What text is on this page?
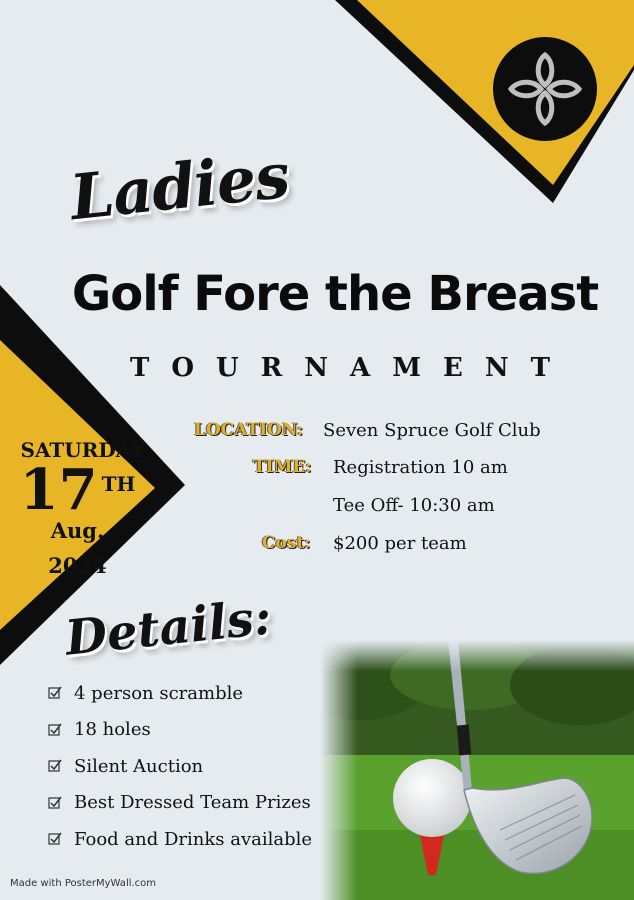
Ladies
Golf Fore the Breast
TOURNAMENT
SATURDAY
17 TH
Aug.
2024
LOCATION: Seven Spruce Golf Club
TIME: Registration 10 am
Tee Off- 10:30 am
Cost: $200 per team
Details:
4 person scramble
18 holes
Silent Auction
Best Dressed Team Prizes
Food and Drinks available
Made with PosterMyWall.com
